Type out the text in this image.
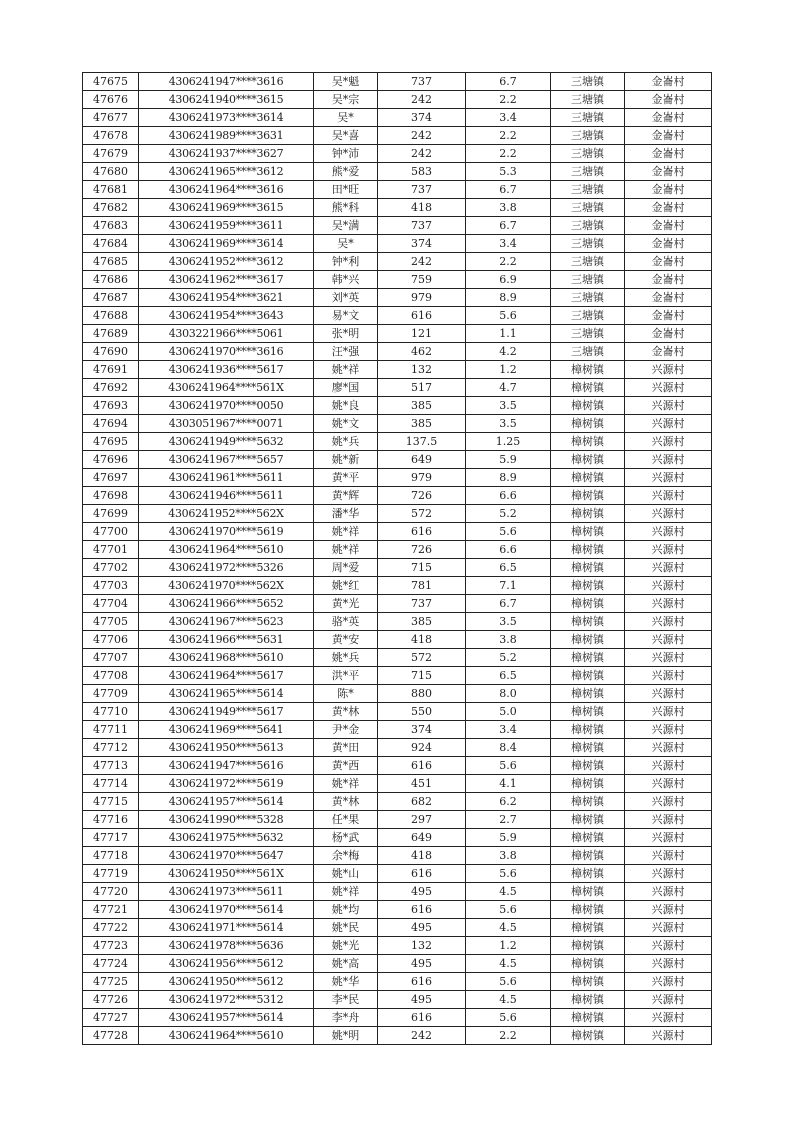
47675	4306241947****3616	吴*魁	737	6.7	三塘镇	金崙村
47676	4306241940****3615	吴*宗	242	2.2	三塘镇	金崙村
47677	4306241973****3614	吴*	374	3.4	三塘镇	金崙村
47678	4306241989****3631	吴*喜	242	2.2	三塘镇	金崙村
47679	4306241937****3627	钟*沛	242	2.2	三塘镇	金崙村
47680	4306241965****3612	熊*爱	583	5.3	三塘镇	金崙村
47681	4306241964****3616	田*旺	737	6.7	三塘镇	金崙村
47682	4306241969****3615	熊*科	418	3.8	三塘镇	金崙村
47683	4306241959****3611	吴*满	737	6.7	三塘镇	金崙村
47684	4306241969****3614	吴*	374	3.4	三塘镇	金崙村
47685	4306241952****3612	钟*利	242	2.2	三塘镇	金崙村
47686	4306241962****3617	韩*兴	759	6.9	三塘镇	金崙村
47687	4306241954****3621	刘*英	979	8.9	三塘镇	金崙村
47688	4306241954****3643	易*文	616	5.6	三塘镇	金崙村
47689	4303221966****5061	张*明	121	1.1	三塘镇	金崙村
47690	4306241970****3616	汪*强	462	4.2	三塘镇	金崙村
47691	4306241936****5617	姚*祥	132	1.2	樟树镇	兴源村
47692	4306241964****561X	廖*国	517	4.7	樟树镇	兴源村
47693	4306241970****0050	姚*良	385	3.5	樟树镇	兴源村
47694	4303051967****0071	姚*文	385	3.5	樟树镇	兴源村
47695	4306241949****5632	姚*兵	137.5	1.25	樟树镇	兴源村
47696	4306241967****5657	姚*新	649	5.9	樟树镇	兴源村
47697	4306241961****5611	黄*平	979	8.9	樟树镇	兴源村
47698	4306241946****5611	黄*辉	726	6.6	樟树镇	兴源村
47699	4306241952****562X	潘*华	572	5.2	樟树镇	兴源村
47700	4306241970****5619	姚*祥	616	5.6	樟树镇	兴源村
47701	4306241964****5610	姚*祥	726	6.6	樟树镇	兴源村
47702	4306241972****5326	周*爱	715	6.5	樟树镇	兴源村
47703	4306241970****562X	姚*红	781	7.1	樟树镇	兴源村
47704	4306241966****5652	黄*光	737	6.7	樟树镇	兴源村
47705	4306241967****5623	骆*英	385	3.5	樟树镇	兴源村
47706	4306241966****5631	黄*安	418	3.8	樟树镇	兴源村
47707	4306241968****5610	姚*兵	572	5.2	樟树镇	兴源村
47708	4306241964****5617	洪*平	715	6.5	樟树镇	兴源村
47709	4306241965****5614	陈*	880	8.0	樟树镇	兴源村
47710	4306241949****5617	黄*林	550	5.0	樟树镇	兴源村
47711	4306241969****5641	尹*金	374	3.4	樟树镇	兴源村
47712	4306241950****5613	黄*田	924	8.4	樟树镇	兴源村
47713	4306241947****5616	黄*西	616	5.6	樟树镇	兴源村
47714	4306241972****5619	姚*祥	451	4.1	樟树镇	兴源村
47715	4306241957****5614	黄*林	682	6.2	樟树镇	兴源村
47716	4306241990****5328	任*果	297	2.7	樟树镇	兴源村
47717	4306241975****5632	杨*武	649	5.9	樟树镇	兴源村
47718	4306241970****5647	余*梅	418	3.8	樟树镇	兴源村
47719	4306241950****561X	姚*山	616	5.6	樟树镇	兴源村
47720	4306241973****5611	姚*祥	495	4.5	樟树镇	兴源村
47721	4306241970****5614	姚*均	616	5.6	樟树镇	兴源村
47722	4306241971****5614	姚*民	495	4.5	樟树镇	兴源村
47723	4306241978****5636	姚*光	132	1.2	樟树镇	兴源村
47724	4306241956****5612	姚*高	495	4.5	樟树镇	兴源村
47725	4306241950****5612	姚*华	616	5.6	樟树镇	兴源村
47726	4306241972****5312	李*民	495	4.5	樟树镇	兴源村
47727	4306241957****5614	李*舟	616	5.6	樟树镇	兴源村
47728	4306241964****5610	姚*明	242	2.2	樟树镇	兴源村
